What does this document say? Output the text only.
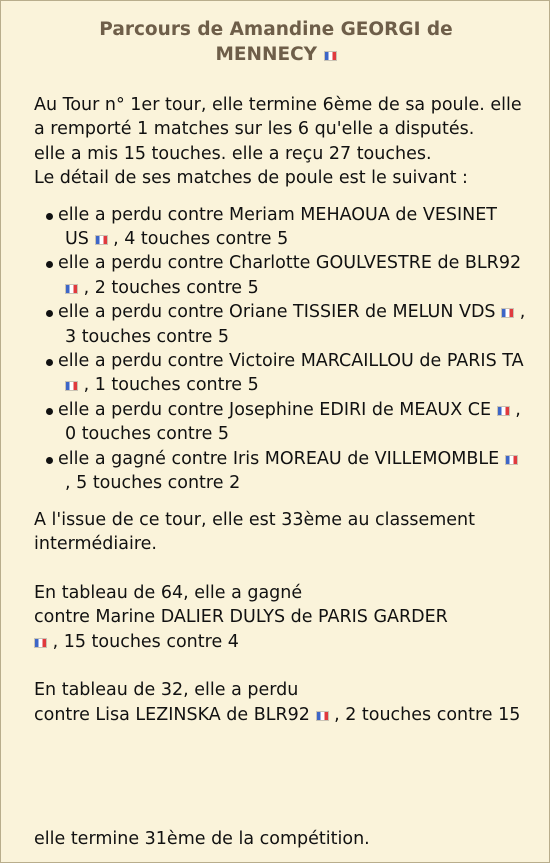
Parcours de Amandine GEORGI de
MENNECY

Au Tour n° 1er tour, elle termine 6ème de sa poule. elle a remporté 1 matches sur les 6 qu'elle a disputés.
elle a mis 15 touches. elle a reçu 27 touches.
Le détail de ses matches de poule est le suivant :

elle a perdu contre Meriam MEHAOUA de VESINET US , 4 touches contre 5
elle a perdu contre Charlotte GOULVESTRE de BLR92  , 2 touches contre 5
elle a perdu contre Oriane TISSIER de MELUN VDS , 3 touches contre 5
elle a perdu contre Victoire MARCAILLOU de PARIS TA  , 1 touches contre 5
elle a perdu contre Josephine EDIRI de MEAUX CE , 0 touches contre 5
elle a gagné contre Iris MOREAU de VILLEMOMBLE  , 5 touches contre 2

A l'issue de ce tour, elle est 33ème au classement intermédiaire.

En tableau de 64, elle a gagné
contre Marine DALIER DULYS de PARIS GARDER
, 15 touches contre 4

En tableau de 32, elle a perdu
contre Lisa LEZINSKA de BLR92 , 2 touches contre 15

elle termine 31ème de la compétition.
